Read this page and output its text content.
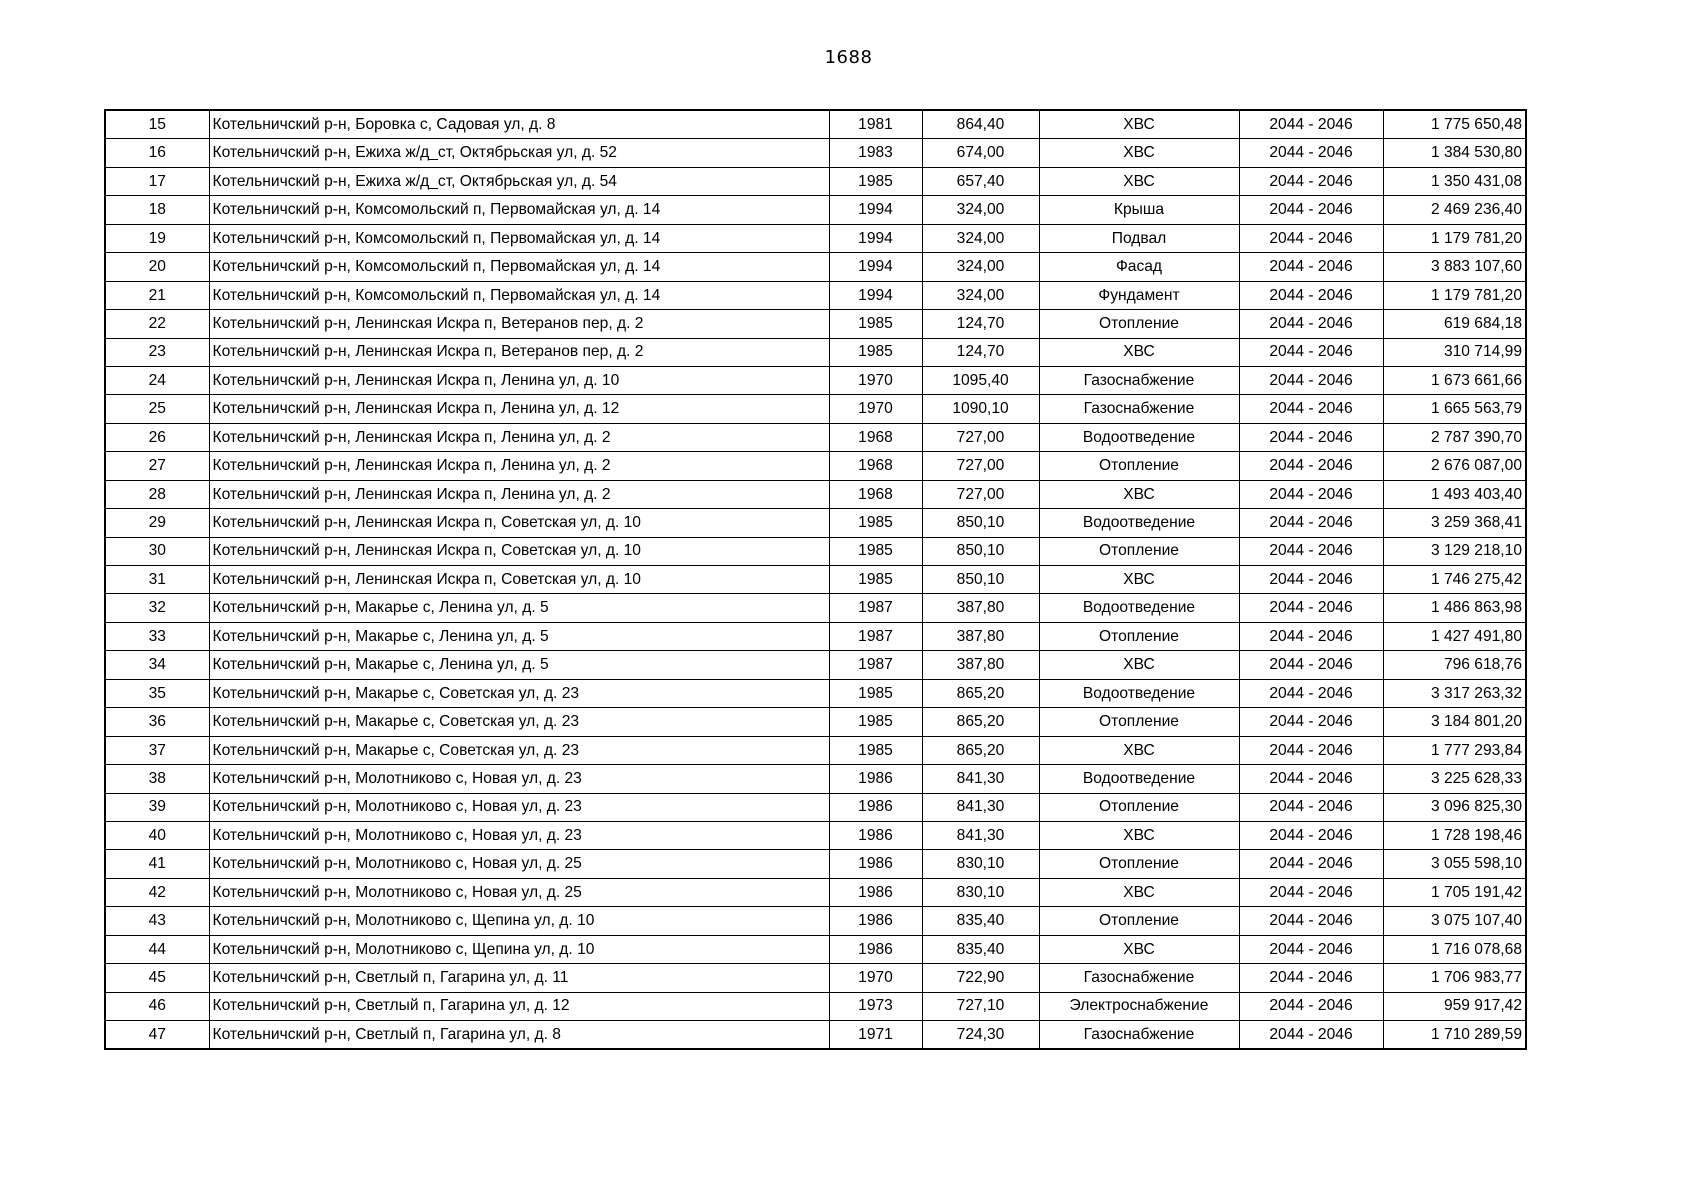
1688
15	Котельничский р-н, Боровка с, Садовая ул, д. 8	1981	864,40	ХВС	2044 - 2046	1 775 650,48
16	Котельничский р-н, Ежиха ж/д_ст, Октябрьская ул, д. 52	1983	674,00	ХВС	2044 - 2046	1 384 530,80
17	Котельничский р-н, Ежиха ж/д_ст, Октябрьская ул, д. 54	1985	657,40	ХВС	2044 - 2046	1 350 431,08
18	Котельничский р-н, Комсомольский п, Первомайская ул, д. 14	1994	324,00	Крыша	2044 - 2046	2 469 236,40
19	Котельничский р-н, Комсомольский п, Первомайская ул, д. 14	1994	324,00	Подвал	2044 - 2046	1 179 781,20
20	Котельничский р-н, Комсомольский п, Первомайская ул, д. 14	1994	324,00	Фасад	2044 - 2046	3 883 107,60
21	Котельничский р-н, Комсомольский п, Первомайская ул, д. 14	1994	324,00	Фундамент	2044 - 2046	1 179 781,20
22	Котельничский р-н, Ленинская Искра п, Ветеранов пер, д. 2	1985	124,70	Отопление	2044 - 2046	619 684,18
23	Котельничский р-н, Ленинская Искра п, Ветеранов пер, д. 2	1985	124,70	ХВС	2044 - 2046	310 714,99
24	Котельничский р-н, Ленинская Искра п, Ленина ул, д. 10	1970	1095,40	Газоснабжение	2044 - 2046	1 673 661,66
25	Котельничский р-н, Ленинская Искра п, Ленина ул, д. 12	1970	1090,10	Газоснабжение	2044 - 2046	1 665 563,79
26	Котельничский р-н, Ленинская Искра п, Ленина ул, д. 2	1968	727,00	Водоотведение	2044 - 2046	2 787 390,70
27	Котельничский р-н, Ленинская Искра п, Ленина ул, д. 2	1968	727,00	Отопление	2044 - 2046	2 676 087,00
28	Котельничский р-н, Ленинская Искра п, Ленина ул, д. 2	1968	727,00	ХВС	2044 - 2046	1 493 403,40
29	Котельничский р-н, Ленинская Искра п, Советская ул, д. 10	1985	850,10	Водоотведение	2044 - 2046	3 259 368,41
30	Котельничский р-н, Ленинская Искра п, Советская ул, д. 10	1985	850,10	Отопление	2044 - 2046	3 129 218,10
31	Котельничский р-н, Ленинская Искра п, Советская ул, д. 10	1985	850,10	ХВС	2044 - 2046	1 746 275,42
32	Котельничский р-н, Макарье с, Ленина ул, д. 5	1987	387,80	Водоотведение	2044 - 2046	1 486 863,98
33	Котельничский р-н, Макарье с, Ленина ул, д. 5	1987	387,80	Отопление	2044 - 2046	1 427 491,80
34	Котельничский р-н, Макарье с, Ленина ул, д. 5	1987	387,80	ХВС	2044 - 2046	796 618,76
35	Котельничский р-н, Макарье с, Советская ул, д. 23	1985	865,20	Водоотведение	2044 - 2046	3 317 263,32
36	Котельничский р-н, Макарье с, Советская ул, д. 23	1985	865,20	Отопление	2044 - 2046	3 184 801,20
37	Котельничский р-н, Макарье с, Советская ул, д. 23	1985	865,20	ХВС	2044 - 2046	1 777 293,84
38	Котельничский р-н, Молотниково с, Новая ул, д. 23	1986	841,30	Водоотведение	2044 - 2046	3 225 628,33
39	Котельничский р-н, Молотниково с, Новая ул, д. 23	1986	841,30	Отопление	2044 - 2046	3 096 825,30
40	Котельничский р-н, Молотниково с, Новая ул, д. 23	1986	841,30	ХВС	2044 - 2046	1 728 198,46
41	Котельничский р-н, Молотниково с, Новая ул, д. 25	1986	830,10	Отопление	2044 - 2046	3 055 598,10
42	Котельничский р-н, Молотниково с, Новая ул, д. 25	1986	830,10	ХВС	2044 - 2046	1 705 191,42
43	Котельничский р-н, Молотниково с, Щепина ул, д. 10	1986	835,40	Отопление	2044 - 2046	3 075 107,40
44	Котельничский р-н, Молотниково с, Щепина ул, д. 10	1986	835,40	ХВС	2044 - 2046	1 716 078,68
45	Котельничский р-н, Светлый п, Гагарина ул, д. 11	1970	722,90	Газоснабжение	2044 - 2046	1 706 983,77
46	Котельничский р-н, Светлый п, Гагарина ул, д. 12	1973	727,10	Электроснабжение	2044 - 2046	959 917,42
47	Котельничский р-н, Светлый п, Гагарина ул, д. 8	1971	724,30	Газоснабжение	2044 - 2046	1 710 289,59
